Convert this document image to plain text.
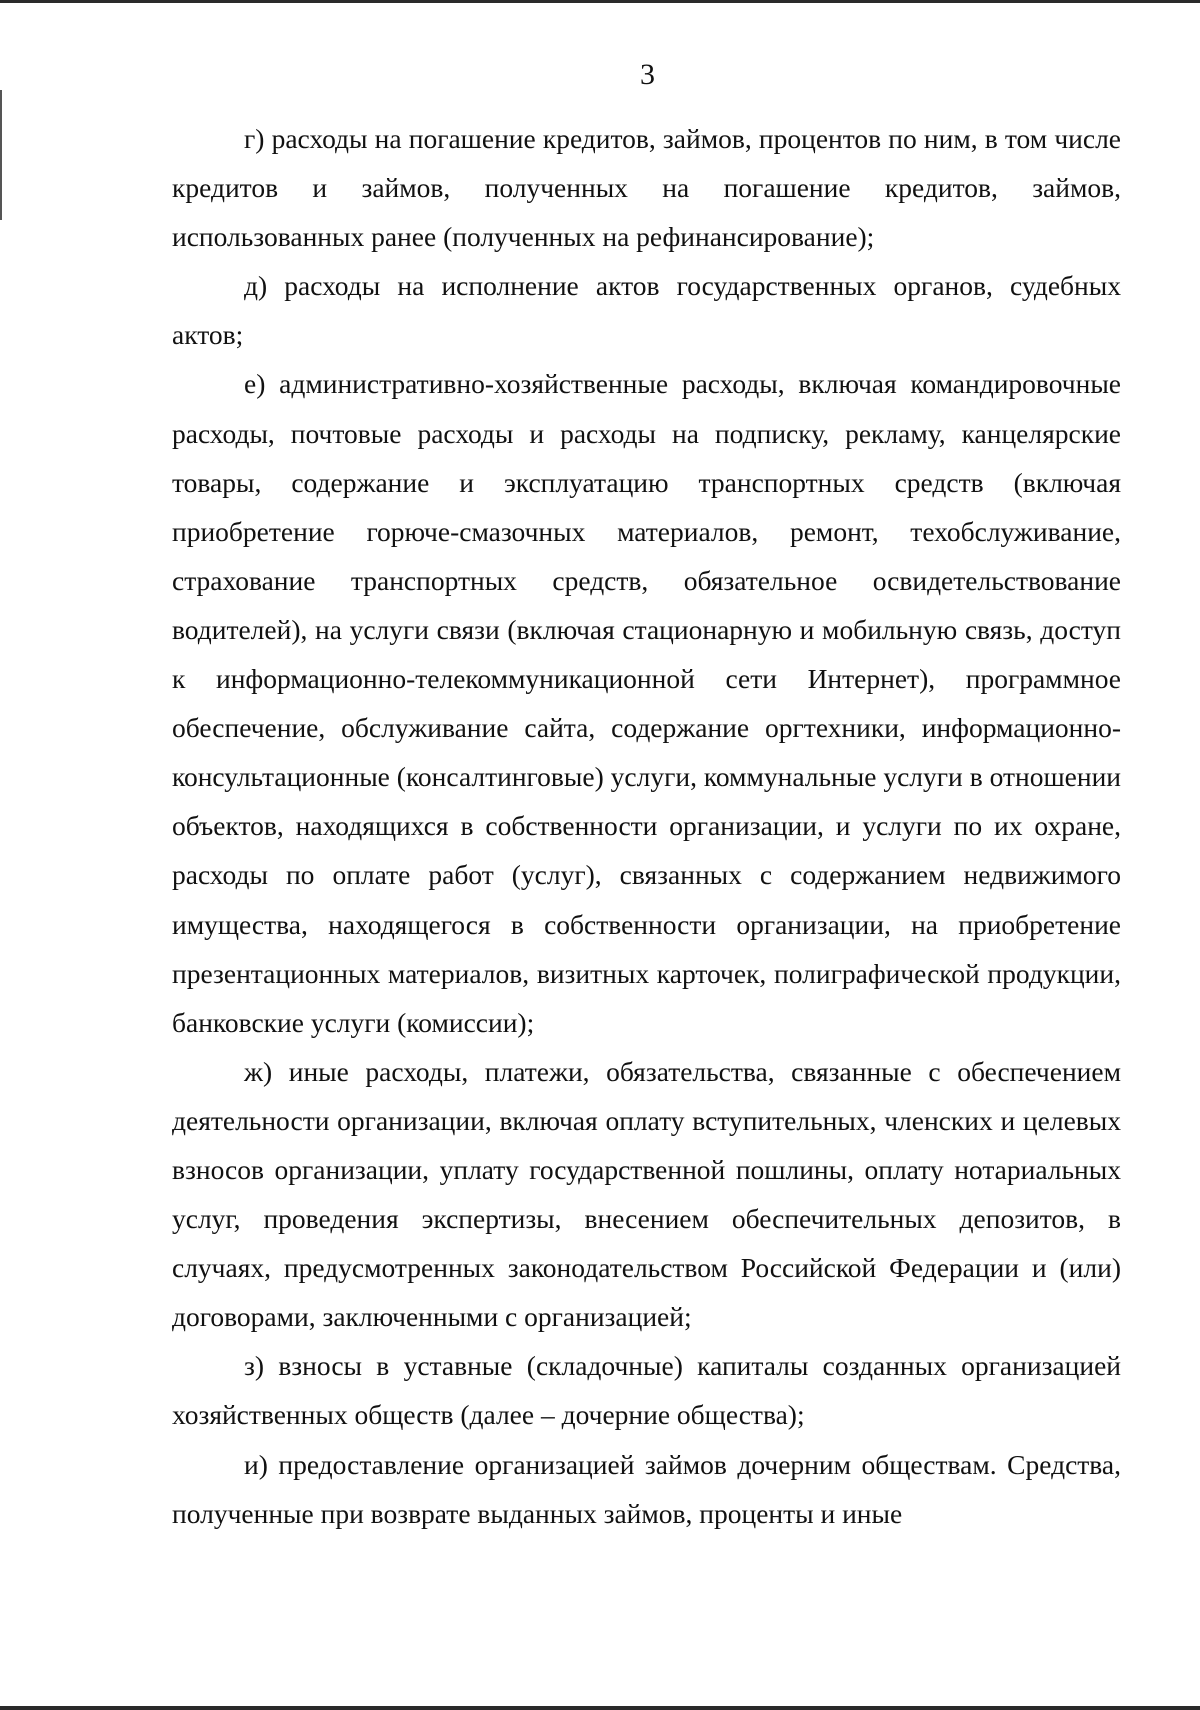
3

г) расходы на погашение кредитов, займов, процентов по ним, в том числе кредитов и займов, полученных на погашение кредитов, займов, использованных ранее (полученных на рефинансирование);

д) расходы на исполнение актов государственных органов, судебных актов;

е) административно-хозяйственные расходы, включая командировочные расходы, почтовые расходы и расходы на подписку, рекламу, канцелярские товары, содержание и эксплуатацию транспортных средств (включая приобретение горюче-смазочных материалов, ремонт, техобслуживание, страхование транспортных средств, обязательное освидетельствование водителей), на услуги связи (включая стационарную и мобильную связь, доступ к информационно-телекоммуникационной сети Интернет), программное обеспечение, обслуживание сайта, содержание оргтехники, информационно-консультационные (консалтинговые) услуги, коммунальные услуги в отношении объектов, находящихся в собственности организации, и услуги по их охране, расходы по оплате работ (услуг), связанных с содержанием недвижимого имущества, находящегося в собственности организации, на приобретение презентационных материалов, визитных карточек, полиграфической продукции, банковские услуги (комиссии);

ж) иные расходы, платежи, обязательства, связанные с обеспечением деятельности организации, включая оплату вступительных, членских и целевых взносов организации, уплату государственной пошлины, оплату нотариальных услуг, проведения экспертизы, внесением обеспечительных депозитов, в случаях, предусмотренных законодательством Российской Федерации и (или) договорами, заключенными с организацией;

з) взносы в уставные (складочные) капиталы созданных организацией хозяйственных обществ (далее – дочерние общества);

и) предоставление организацией займов дочерним обществам. Средства, полученные при возврате выданных займов, проценты и иные
